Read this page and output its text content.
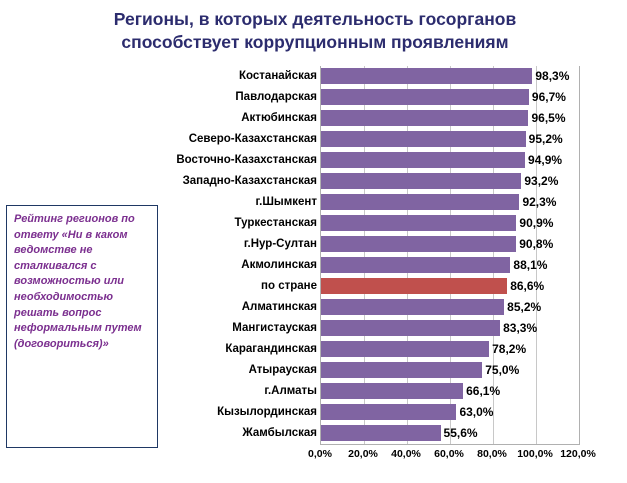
Регионы, в которых деятельность госорганов
способствует коррупционным проявлениям
Рейтинг регионов по ответу «Ни в каком ведомстве не сталкивался с возможностью или необходимостью решать вопрос неформальным путем (договориться)»
Костанайская	98,3%
Павлодарская	96,7%
Актюбинская	96,5%
Северо-Казахстанская	95,2%
Восточно-Казахстанская	94,9%
Западно-Казахстанская	93,2%
г.Шымкент	92,3%
Туркестанская	90,9%
г.Нур-Султан	90,8%
Акмолинская	88,1%
по стране	86,6%
Алматинская	85,2%
Мангистауская	83,3%
Карагандинская	78,2%
Атырауская	75,0%
г.Алматы	66,1%
Кызылординская	63,0%
Жамбылская	55,6%
0,0% 20,0% 40,0% 60,0% 80,0% 100,0% 120,0%
